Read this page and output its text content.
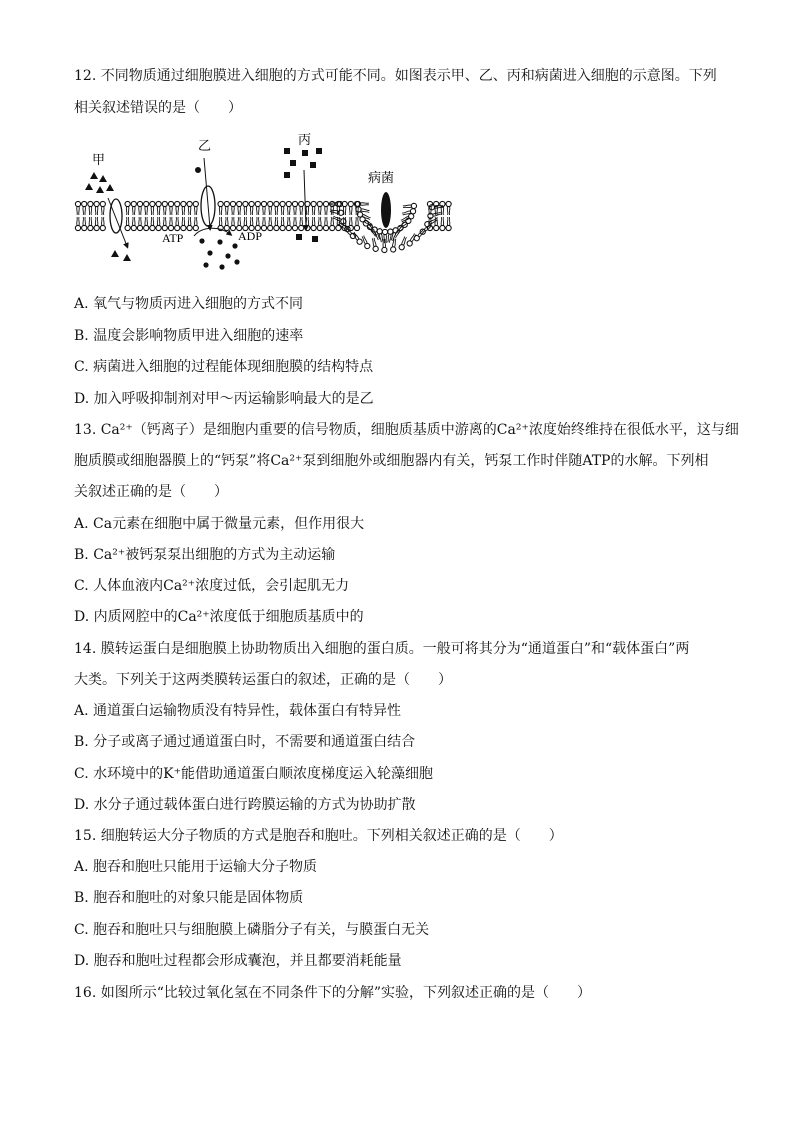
12. 不同物质通过细胞膜进入细胞的方式可能不同。如图表示甲、乙、丙和病菌进入细胞的示意图。下列
相关叙述错误的是（　　）
甲
乙
ATP	ADP
丙
病菌
A. 氧气与物质丙进入细胞的方式不同
B. 温度会影响物质甲进入细胞的速率
C. 病菌进入细胞的过程能体现细胞膜的结构特点
D. 加入呼吸抑制剂对甲～丙运输影响最大的是乙
13. Ca²⁺（钙离子）是细胞内重要的信号物质，细胞质基质中游离的Ca²⁺浓度始终维持在很低水平，这与细
胞质膜或细胞器膜上的“钙泵”将Ca²⁺泵到细胞外或细胞器内有关，钙泵工作时伴随ATP的水解。下列相
关叙述正确的是（　　）
A. Ca元素在细胞中属于微量元素，但作用很大
B. Ca²⁺被钙泵泵出细胞的方式为主动运输
C. 人体血液内Ca²⁺浓度过低，会引起肌无力
D. 内质网腔中的Ca²⁺浓度低于细胞质基质中的
14. 膜转运蛋白是细胞膜上协助物质出入细胞的蛋白质。一般可将其分为“通道蛋白”和“载体蛋白”两
大类。下列关于这两类膜转运蛋白的叙述，正确的是（　　）
A. 通道蛋白运输物质没有特异性，载体蛋白有特异性
B. 分子或离子通过通道蛋白时，不需要和通道蛋白结合
C. 水环境中的K⁺能借助通道蛋白顺浓度梯度运入轮藻细胞
D. 水分子通过载体蛋白进行跨膜运输的方式为协助扩散
15. 细胞转运大分子物质的方式是胞吞和胞吐。下列相关叙述正确的是（　　）
A. 胞吞和胞吐只能用于运输大分子物质
B. 胞吞和胞吐的对象只能是固体物质
C. 胞吞和胞吐只与细胞膜上磷脂分子有关，与膜蛋白无关
D. 胞吞和胞吐过程都会形成囊泡，并且都要消耗能量
16. 如图所示“比较过氧化氢在不同条件下的分解”实验，下列叙述正确的是（　　）
